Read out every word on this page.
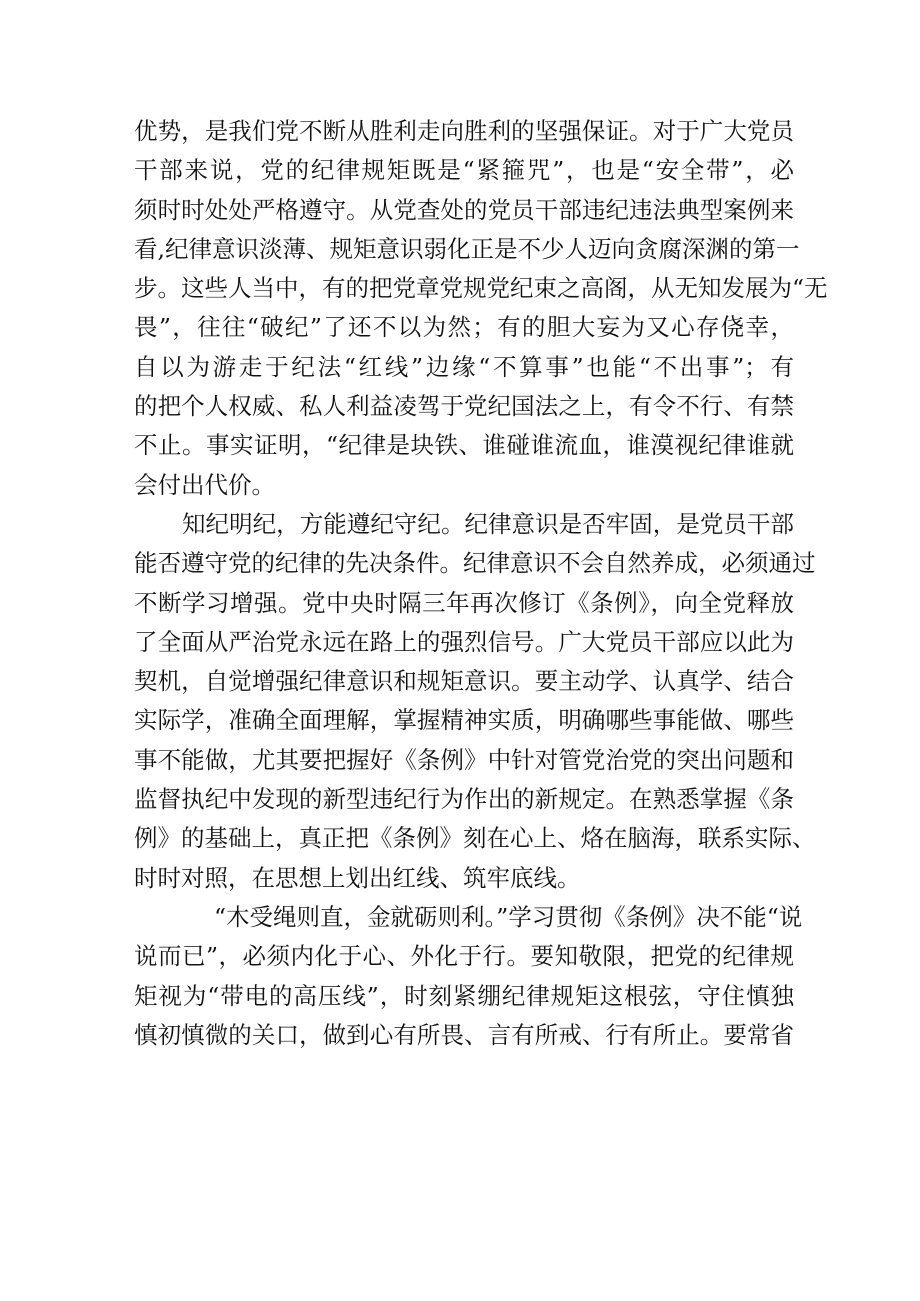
优势，是我们党不断从胜利走向胜利的坚强保证。对于广大党员
干部来说，党的纪律规矩既是“紧箍咒”，也是“安全带”，必
须时时处处严格遵守。从党查处的党员干部违纪违法典型案例来
看,纪律意识淡薄、规矩意识弱化正是不少人迈向贪腐深渊的第一
步。这些人当中，有的把党章党规党纪束之高阁，从无知发展为“无
畏”，往往“破纪”了还不以为然；有的胆大妄为又心存侥幸，
自以为游走于纪法“红线”边缘“不算事”也能“不出事”；有
的把个人权威、私人利益凌驾于党纪国法之上，有令不行、有禁
不止。事实证明，“纪律是块铁、谁碰谁流血，谁漠视纪律谁就
会付出代价。
知纪明纪，方能遵纪守纪。纪律意识是否牢固，是党员干部
能否遵守党的纪律的先决条件。纪律意识不会自然养成，必须通过
不断学习增强。党中央时隔三年再次修订《条例》，向全党释放
了全面从严治党永远在路上的强烈信号。广大党员干部应以此为
契机，自觉增强纪律意识和规矩意识。要主动学、认真学、结合
实际学，准确全面理解，掌握精神实质，明确哪些事能做、哪些
事不能做，尤其要把握好《条例》中针对管党治党的突出问题和
监督执纪中发现的新型违纪行为作出的新规定。在熟悉掌握《条
例》的基础上，真正把《条例》刻在心上、烙在脑海，联系实际、
时时对照，在思想上划出红线、筑牢底线。
“木受绳则直，金就砺则利。”学习贯彻《条例》决不能“说
说而已”，必须内化于心、外化于行。要知敬限，把党的纪律规
矩视为“带电的高压线”，时刻紧绷纪律规矩这根弦，守住慎独
慎初慎微的关口，做到心有所畏、言有所戒、行有所止。要常省
